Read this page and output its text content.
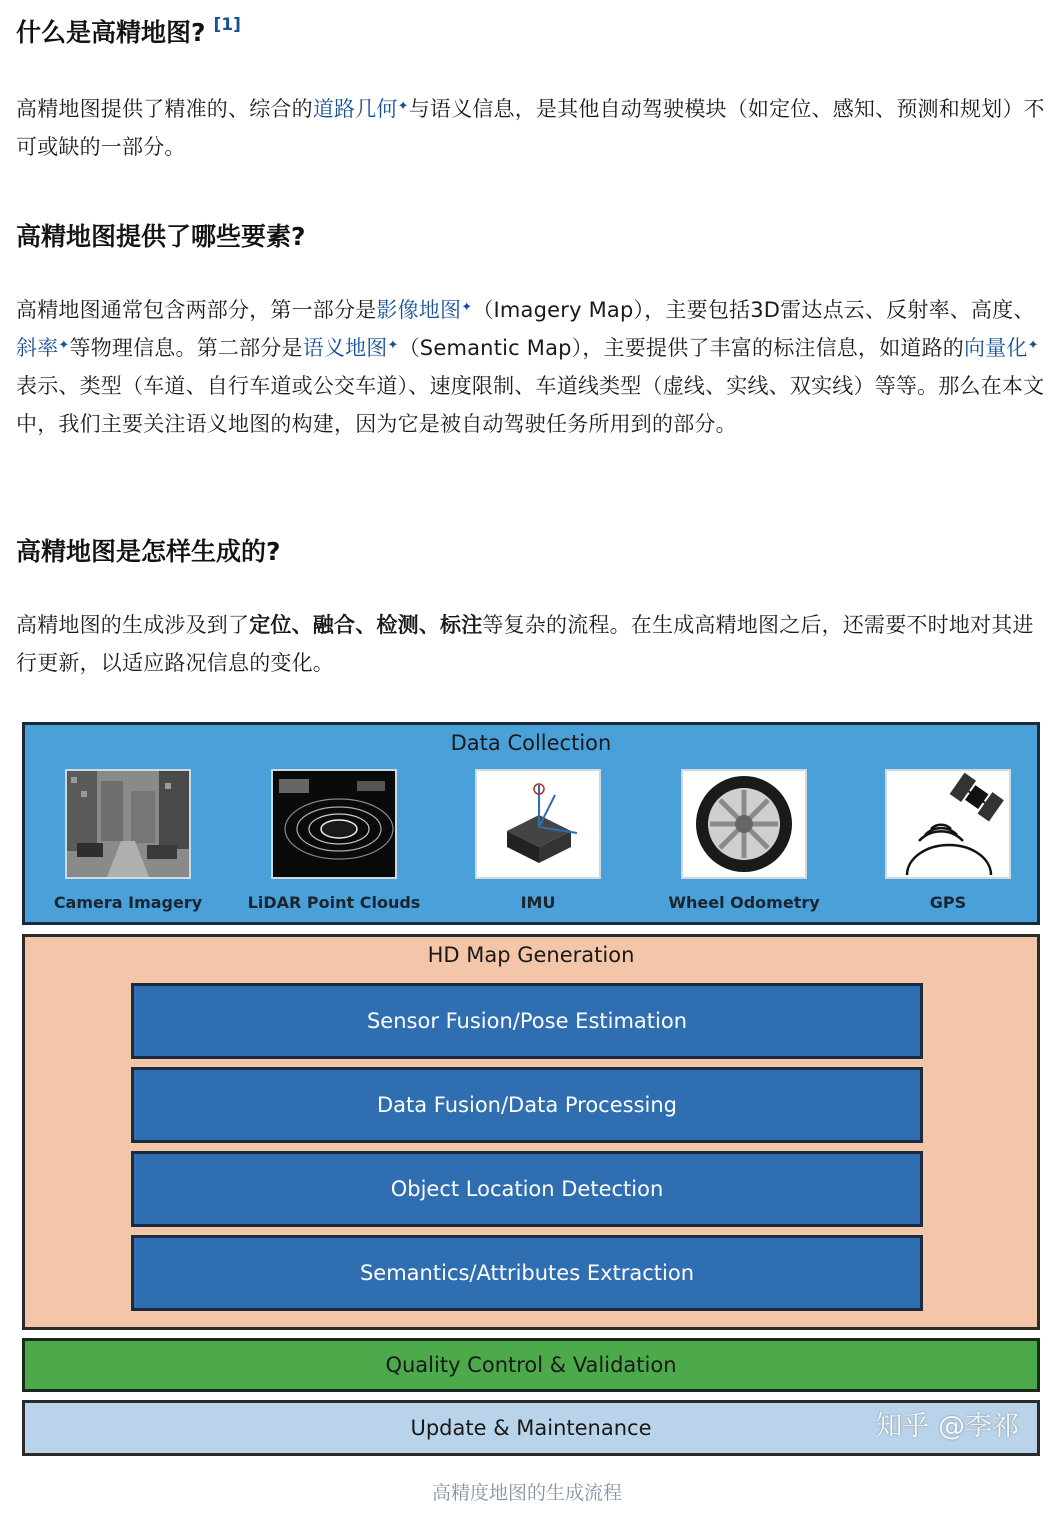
什么是高精地图? [1]

高精地图提供了精准的、综合的道路几何✦与语义信息，是其他自动驾驶模块（如定位、感知、预测和规划）不可或缺的一部分。

高精地图提供了哪些要素?

高精地图通常包含两部分，第一部分是影像地图✦（Imagery Map），主要包括3D雷达点云、反射率、高度、斜率✦等物理信息。第二部分是语义地图✦（Semantic Map），主要提供了丰富的标注信息，如道路的向量化✦表示、类型（车道、自行车道或公交车道）、速度限制、车道线类型（虚线、实线、双实线）等等。那么在本文中，我们主要关注语义地图的构建，因为它是被自动驾驶任务所用到的部分。

高精地图是怎样生成的?

高精地图的生成涉及到了定位、融合、检测、标注等复杂的流程。在生成高精地图之后，还需要不时地对其进行更新，以适应路况信息的变化。

Data Collection
Camera Imagery	LiDAR Point Clouds	IMU	Wheel Odometry	GPS
HD Map Generation
Sensor Fusion/Pose Estimation
Data Fusion/Data Processing
Object Location Detection
Semantics/Attributes Extraction
Quality Control & Validation
Update & Maintenance	知乎 @李祁
高精度地图的生成流程
